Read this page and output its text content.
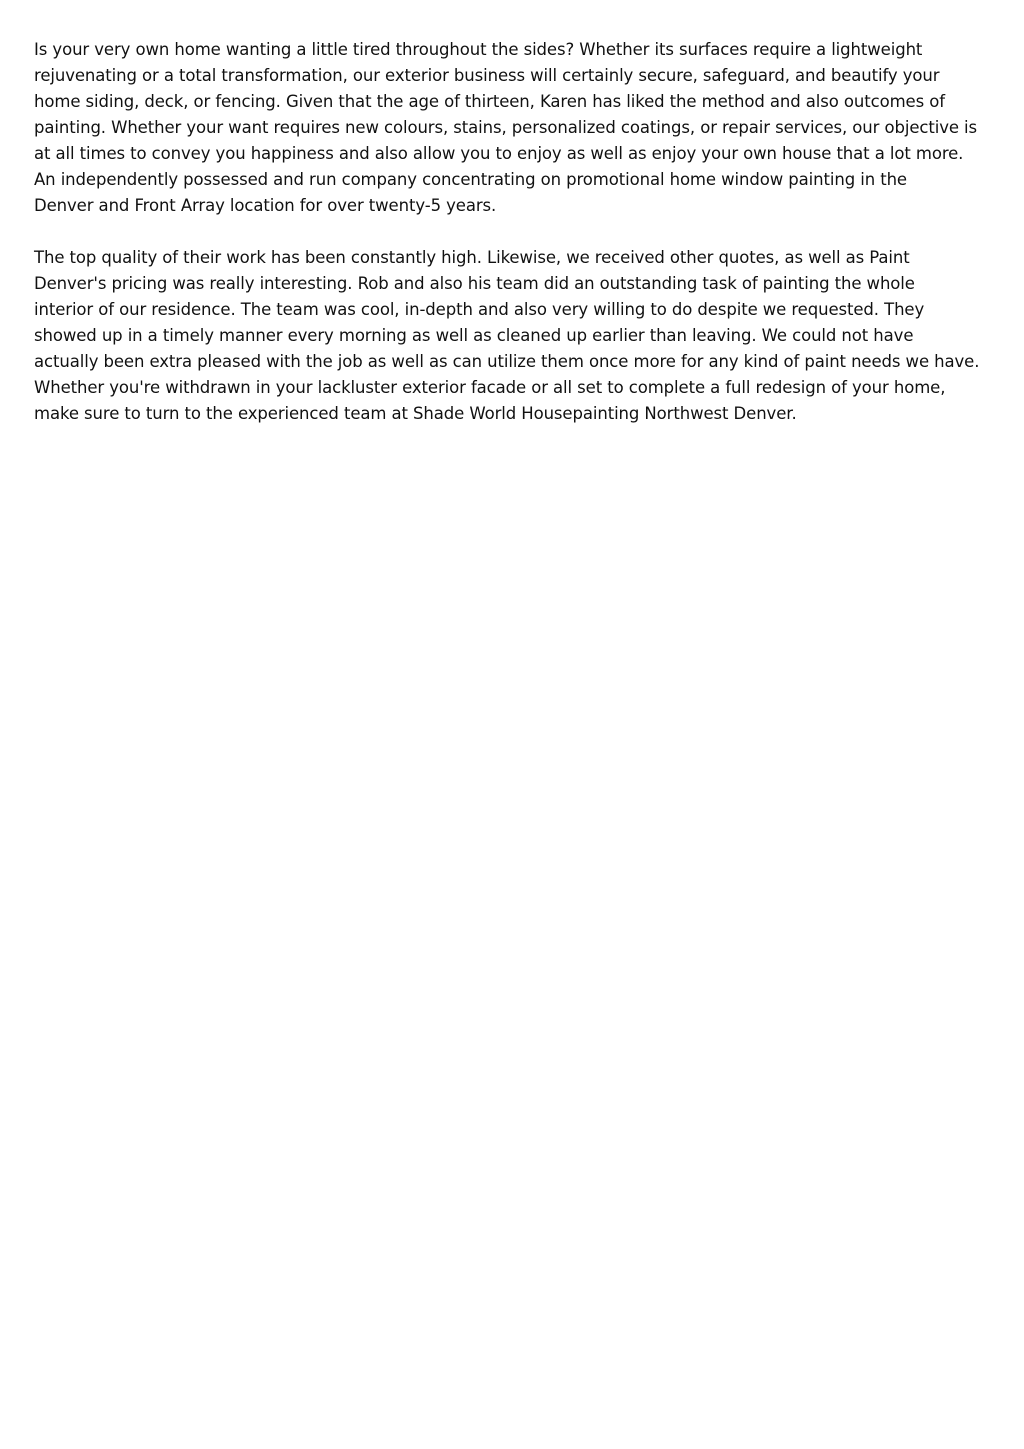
Is your very own home wanting a little tired throughout the sides? Whether its surfaces require a lightweight
rejuvenating or a total transformation, our exterior business will certainly secure, safeguard, and beautify your
home siding, deck, or fencing. Given that the age of thirteen, Karen has liked the method and also outcomes of
painting. Whether your want requires new colours, stains, personalized coatings, or repair services, our objective is
at all times to convey you happiness and also allow you to enjoy as well as enjoy your own house that a lot more.
An independently possessed and run company concentrating on promotional home window painting in the
Denver and Front Array location for over twenty-5 years.

The top quality of their work has been constantly high. Likewise, we received other quotes, as well as Paint
Denver's pricing was really interesting. Rob and also his team did an outstanding task of painting the whole
interior of our residence. The team was cool, in-depth and also very willing to do despite we requested. They
showed up in a timely manner every morning as well as cleaned up earlier than leaving. We could not have
actually been extra pleased with the job as well as can utilize them once more for any kind of paint needs we have.
Whether you're withdrawn in your lackluster exterior facade or all set to complete a full redesign of your home,
make sure to turn to the experienced team at Shade World Housepainting Northwest Denver.
